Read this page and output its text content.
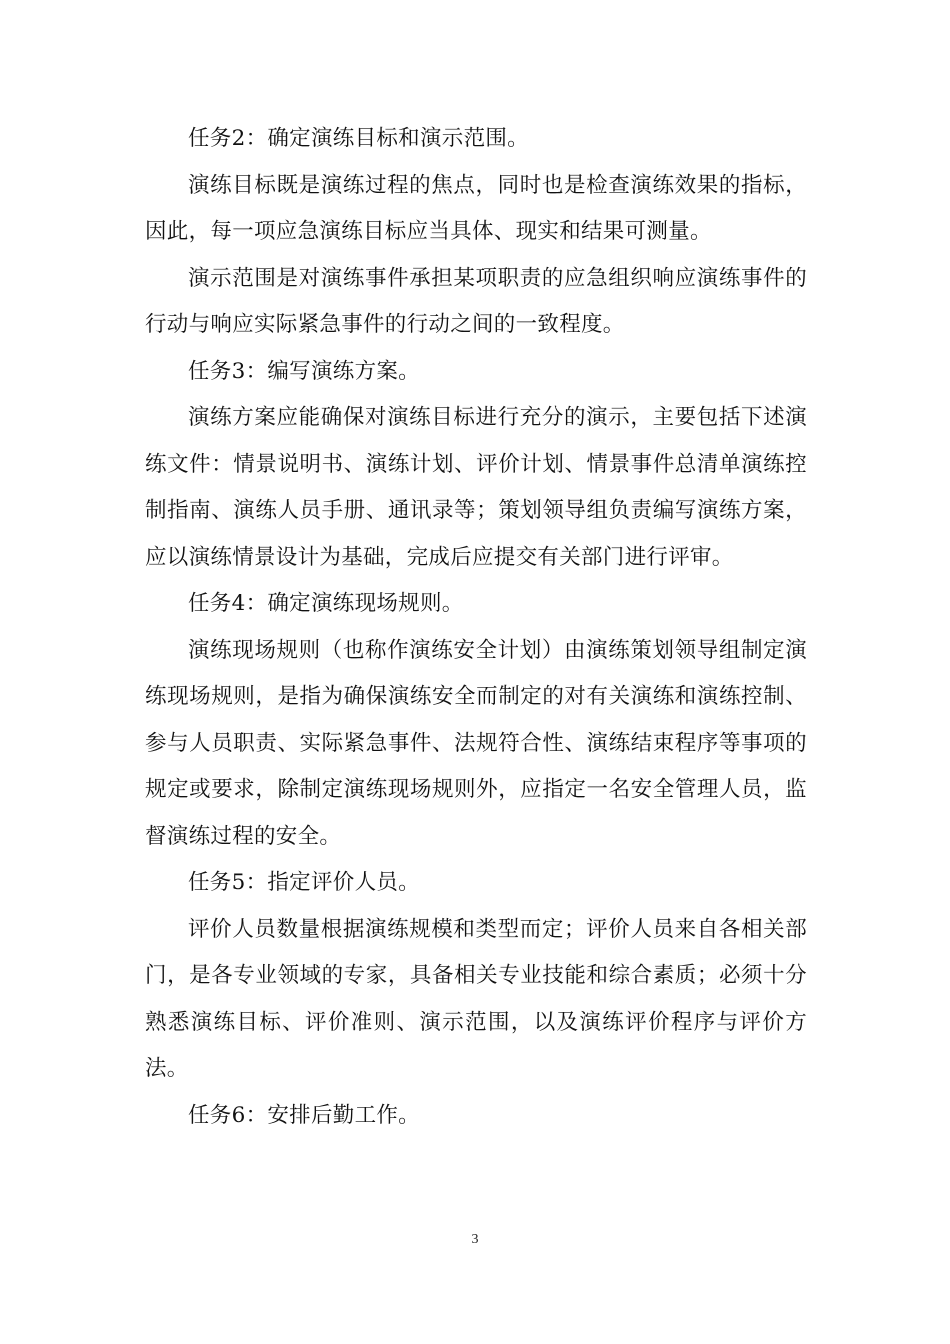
任务2：确定演练目标和演示范围。

演练目标既是演练过程的焦点，同时也是检查演练效果的指标，因此，每一项应急演练目标应当具体、现实和结果可测量。

演示范围是对演练事件承担某项职责的应急组织响应演练事件的行动与响应实际紧急事件的行动之间的一致程度。

任务3：编写演练方案。

演练方案应能确保对演练目标进行充分的演示，主要包括下述演练文件：情景说明书、演练计划、评价计划、情景事件总清单演练控制指南、演练人员手册、通讯录等；策划领导组负责编写演练方案，应以演练情景设计为基础，完成后应提交有关部门进行评审。

任务4：确定演练现场规则。

演练现场规则（也称作演练安全计划）由演练策划领导组制定演练现场规则，是指为确保演练安全而制定的对有关演练和演练控制、参与人员职责、实际紧急事件、法规符合性、演练结束程序等事项的规定或要求，除制定演练现场规则外，应指定一名安全管理人员，监督演练过程的安全。

任务5：指定评价人员。

评价人员数量根据演练规模和类型而定；评价人员来自各相关部门，是各专业领域的专家，具备相关专业技能和综合素质；必须十分熟悉演练目标、评价准则、演示范围，以及演练评价程序与评价方法。

任务6：安排后勤工作。

3
